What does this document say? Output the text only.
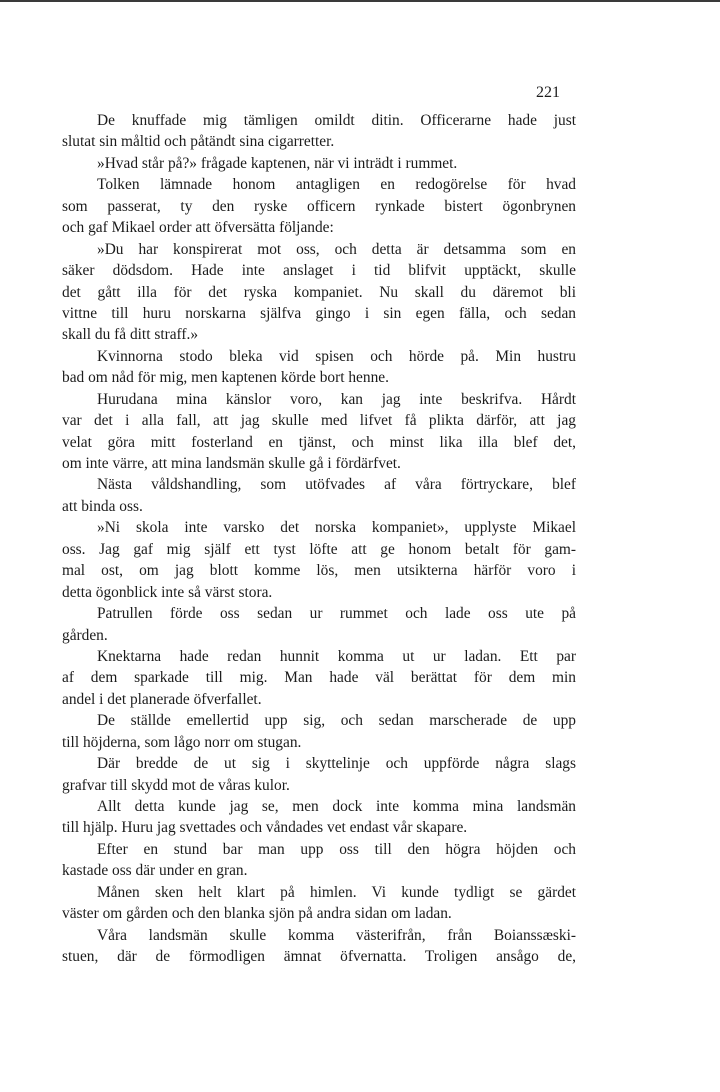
221
De knuffade mig tämligen omildt ditin. Officerarne hade just
slutat sin måltid och påtändt sina cigarretter.
»Hvad står på?» frågade kaptenen, när vi inträdt i rummet.
Tolken lämnade honom antagligen en redogörelse för hvad
som passerat, ty den ryske officern rynkade bistert ögonbrynen
och gaf Mikael order att öfversätta följande:
»Du har konspirerat mot oss, och detta är detsamma som en
säker dödsdom. Hade inte anslaget i tid blifvit upptäckt, skulle
det gått illa för det ryska kompaniet. Nu skall du däremot bli
vittne till huru norskarna själfva gingo i sin egen fälla, och sedan
skall du få ditt straff.»
Kvinnorna stodo bleka vid spisen och hörde på. Min hustru
bad om nåd för mig, men kaptenen körde bort henne.
Hurudana mina känslor voro, kan jag inte beskrifva. Hårdt
var det i alla fall, att jag skulle med lifvet få plikta därför, att jag
velat göra mitt fosterland en tjänst, och minst lika illa blef det,
om inte värre, att mina landsmän skulle gå i fördärfvet.
Nästa våldshandling, som utöfvades af våra förtryckare, blef
att binda oss.
»Ni skola inte varsko det norska kompaniet», upplyste Mikael
oss. Jag gaf mig själf ett tyst löfte att ge honom betalt för gam-
mal ost, om jag blott komme lös, men utsikterna härför voro i
detta ögonblick inte så värst stora.
Patrullen förde oss sedan ur rummet och lade oss ute på
gården.
Knektarna hade redan hunnit komma ut ur ladan. Ett par
af dem sparkade till mig. Man hade väl berättat för dem min
andel i det planerade öfverfallet.
De ställde emellertid upp sig, och sedan marscherade de upp
till höjderna, som lågo norr om stugan.
Där bredde de ut sig i skyttelinje och uppförde några slags
grafvar till skydd mot de våras kulor.
Allt detta kunde jag se, men dock inte komma mina landsmän
till hjälp. Huru jag svettades och våndades vet endast vår skapare.
Efter en stund bar man upp oss till den högra höjden och
kastade oss där under en gran.
Månen sken helt klart på himlen. Vi kunde tydligt se gärdet
väster om gården och den blanka sjön på andra sidan om ladan.
Våra landsmän skulle komma västerifrån, från Boianssæski-
stuen, där de förmodligen ämnat öfvernatta. Troligen ansågo de,
